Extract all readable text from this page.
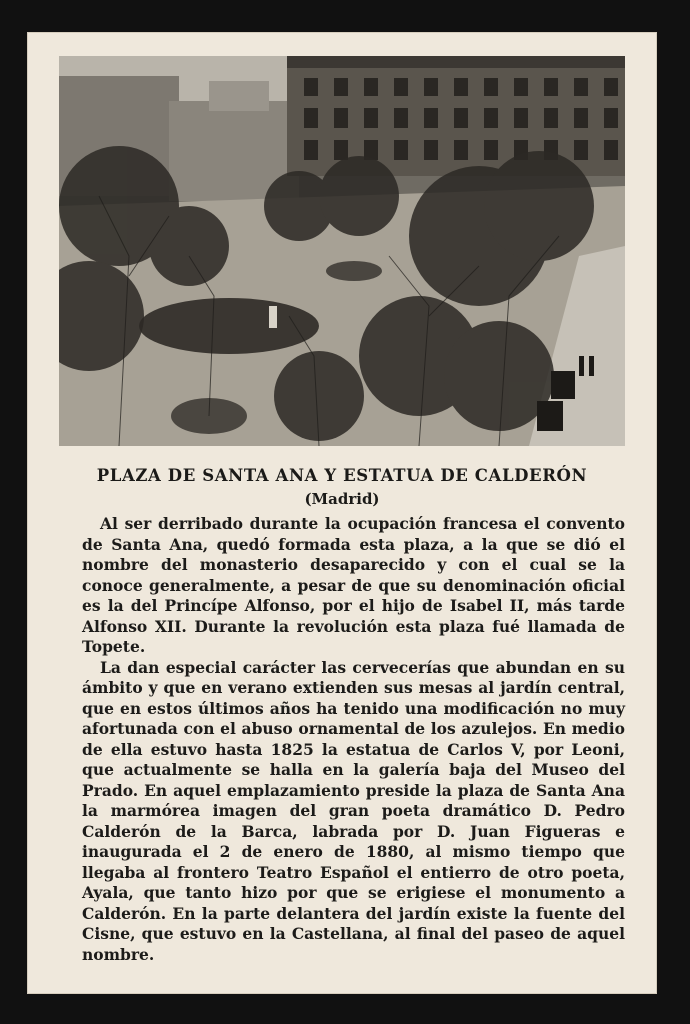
PLAZA DE SANTA ANA Y ESTATUA DE CALDERÓN
(Madrid)

Al ser derribado durante la ocupación francesa el convento de Santa Ana, quedó formada esta plaza, a la que se dió el nombre del monasterio desaparecido y con el cual se la conoce generalmente, a pesar de que su denominación oficial es la del Princípe Alfonso, por el hijo de Isabel II, más tarde Alfonso XII. Durante la revolución esta plaza fué llamada de Topete.

La dan especial carácter las cervecerías que abundan en su ámbito y que en verano extienden sus mesas al jardín central, que en estos últimos años ha tenido una modificación no muy afortunada con el abuso ornamental de los azulejos. En medio de ella estuvo hasta 1825 la estatua de Carlos V, por Leoni, que actualmente se halla en la galería baja del Museo del Prado. En aquel emplazamiento preside la plaza de Santa Ana la marmórea imagen del gran poeta dramático D. Pedro Calderón de la Barca, labrada por D. Juan Figueras e inaugurada el 2 de enero de 1880, al mismo tiempo que llegaba al frontero Teatro Español el entierro de otro poeta, Ayala, que tanto hizo por que se erigiese el monumento a Calderón. En la parte delantera del jardín existe la fuente del Cisne, que estuvo en la Castellana, al final del paseo de aquel nombre.
